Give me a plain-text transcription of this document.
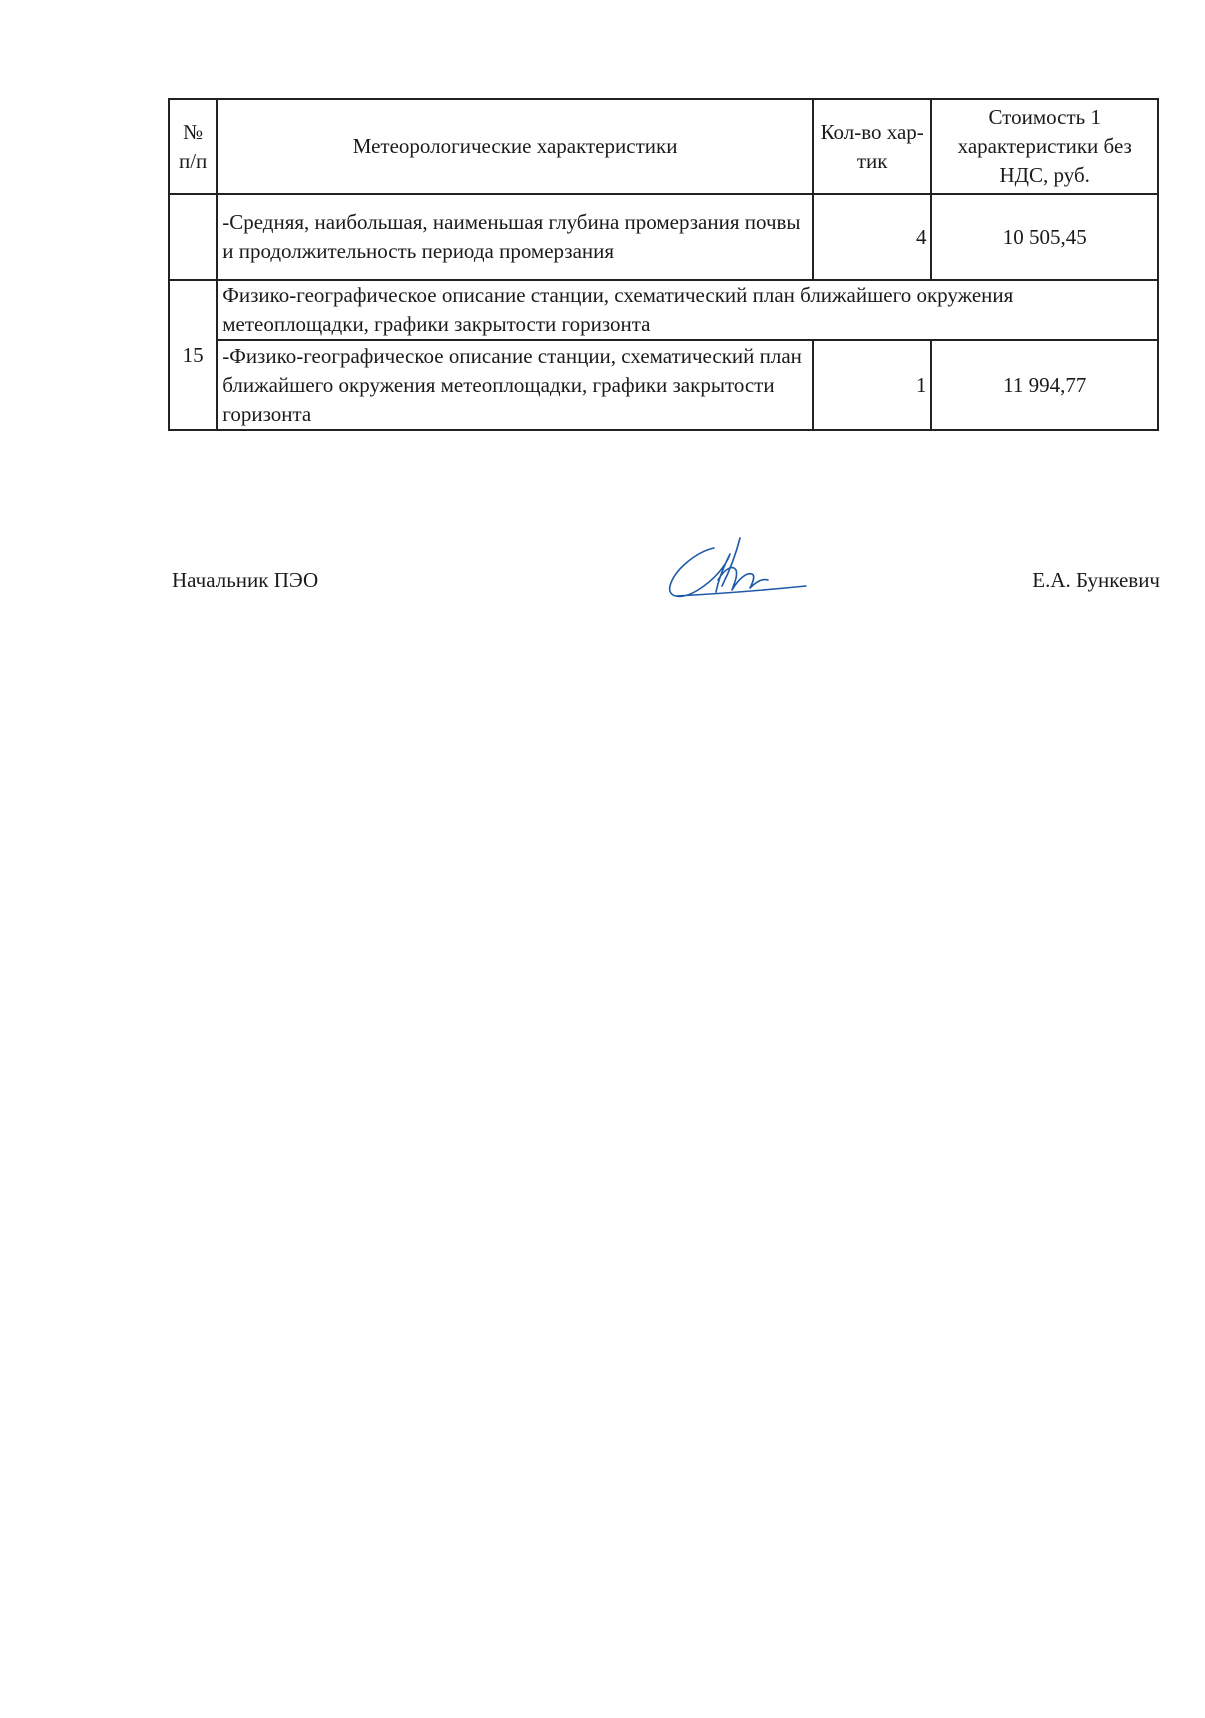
№ п/п	Метеорологические характеристики	Кол-во хар-тик	Стоимость 1 характеристики без НДС, руб.

	-Средняя, наибольшая, наименьшая глубина промерзания почвы и продолжительность периода промерзания	4	10 505,45
15	Физико-географическое описание станции, схематический план ближайшего окружения метеоплощадки, графики закрытости горизонта		
	-Физико-географическое описание станции, схематический план ближайшего окружения метеоплощадки, графики закрытости горизонта	1	11 994,77
Начальник ПЭО	Е.А. Бункевич
